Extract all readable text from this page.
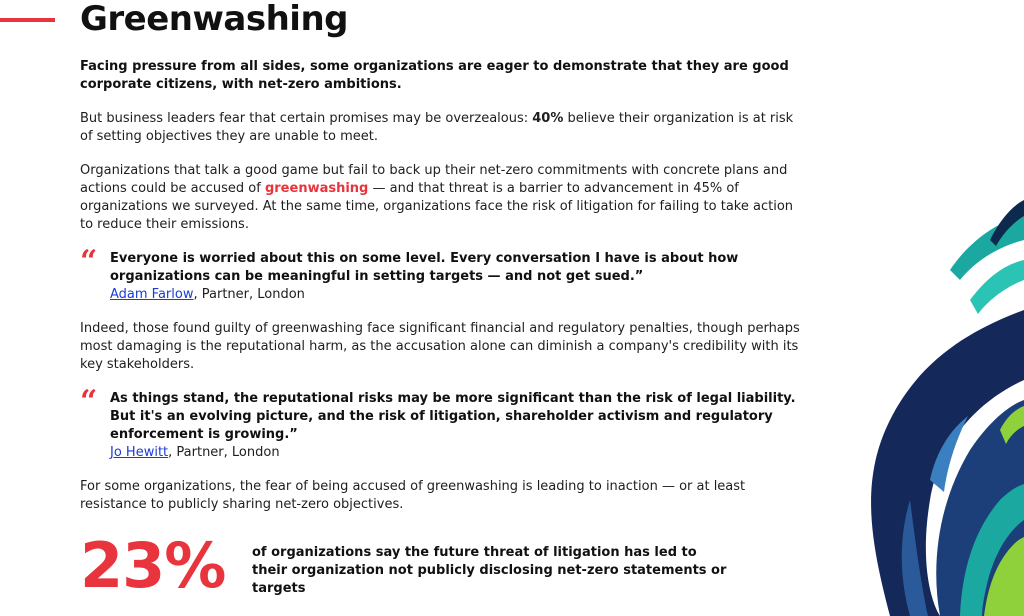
Greenwashing

Facing pressure from all sides, some organizations are eager to demonstrate that they are good corporate citizens, with net-zero ambitions.

But business leaders fear that certain promises may be overzealous: 40% believe their organization is at risk of setting objectives they are unable to meet.

Organizations that talk a good game but fail to back up their net-zero commitments with concrete plans and actions could be accused of greenwashing — and that threat is a barrier to advancement in 45% of organizations we surveyed. At the same time, organizations face the risk of litigation for failing to take action to reduce their emissions.

“ Everyone is worried about this on some level. Every conversation I have is about how organizations can be meaningful in setting targets — and not get sued.”
Adam Farlow, Partner, London

Indeed, those found guilty of greenwashing face significant financial and regulatory penalties, though perhaps most damaging is the reputational harm, as the accusation alone can diminish a company's credibility with its key stakeholders.

“ As things stand, the reputational risks may be more significant than the risk of legal liability. But it's an evolving picture, and the risk of litigation, shareholder activism and regulatory enforcement is growing.”
Jo Hewitt, Partner, London

For some organizations, the fear of being accused of greenwashing is leading to inaction — or at least resistance to publicly sharing net-zero objectives.

23% of organizations say the future threat of litigation has led to their organization not publicly disclosing net-zero statements or targets
